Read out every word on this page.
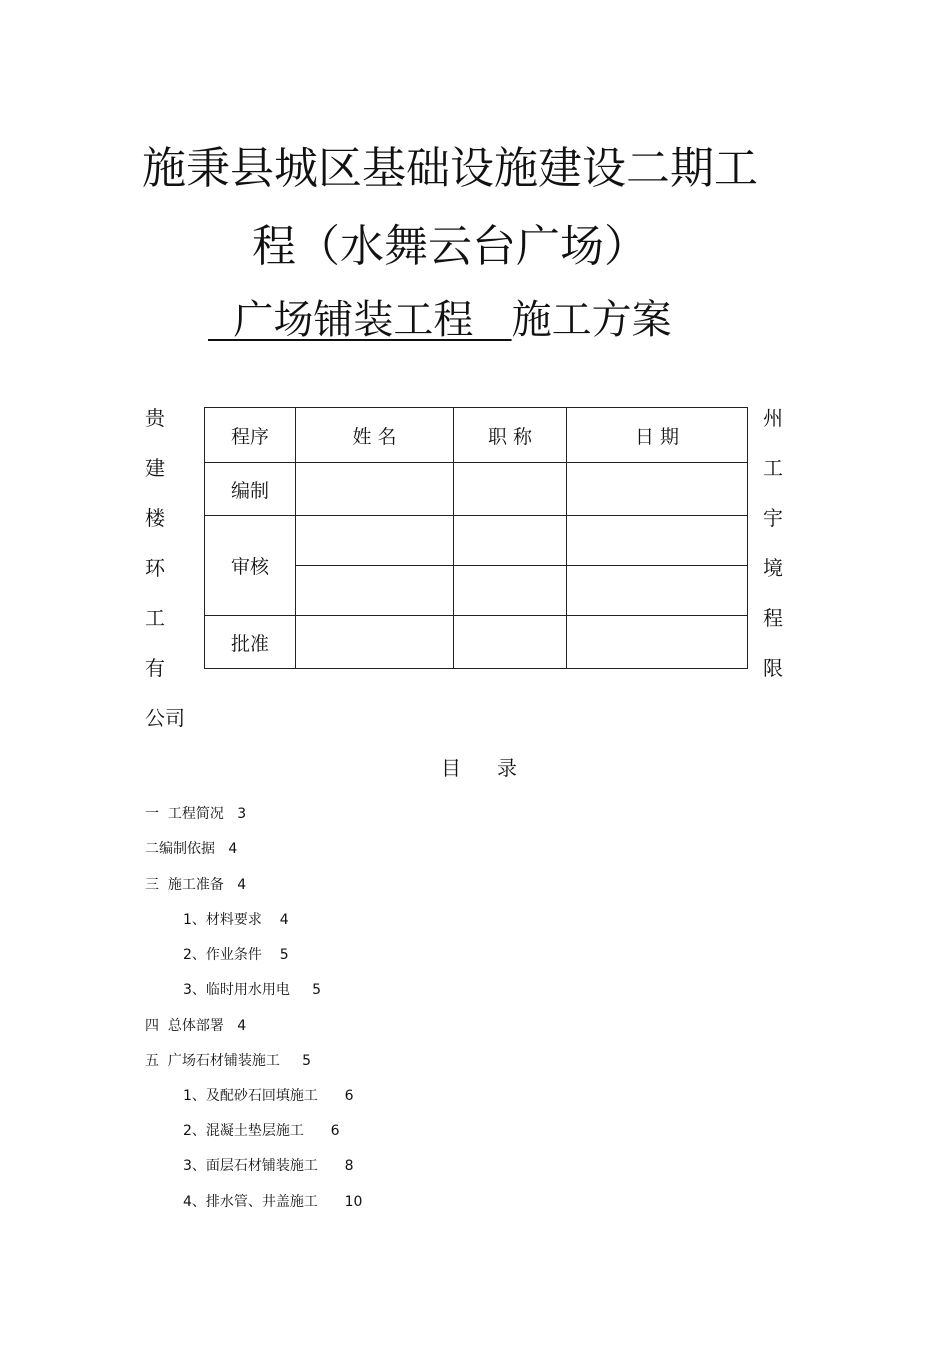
施秉县城区基础设施建设二期工
程（水舞云台广场）
广场铺装工程   施工方案
贵
建
楼
环
工
有
公司
州
工
宇
境
程
限
程序	姓 名	职 称	日 期
编制			
审核			

批准			
目录
一  工程简况   3
二编制依据   4
三  施工准备   4
1、材料要求    4
2、作业条件    5
3、临时用水用电     5
四  总体部署   4
五  广场石材铺装施工     5
1、及配砂石回填施工      6
2、混凝土垫层施工      6
3、面层石材铺装施工      8
4、排水管、井盖施工      10
